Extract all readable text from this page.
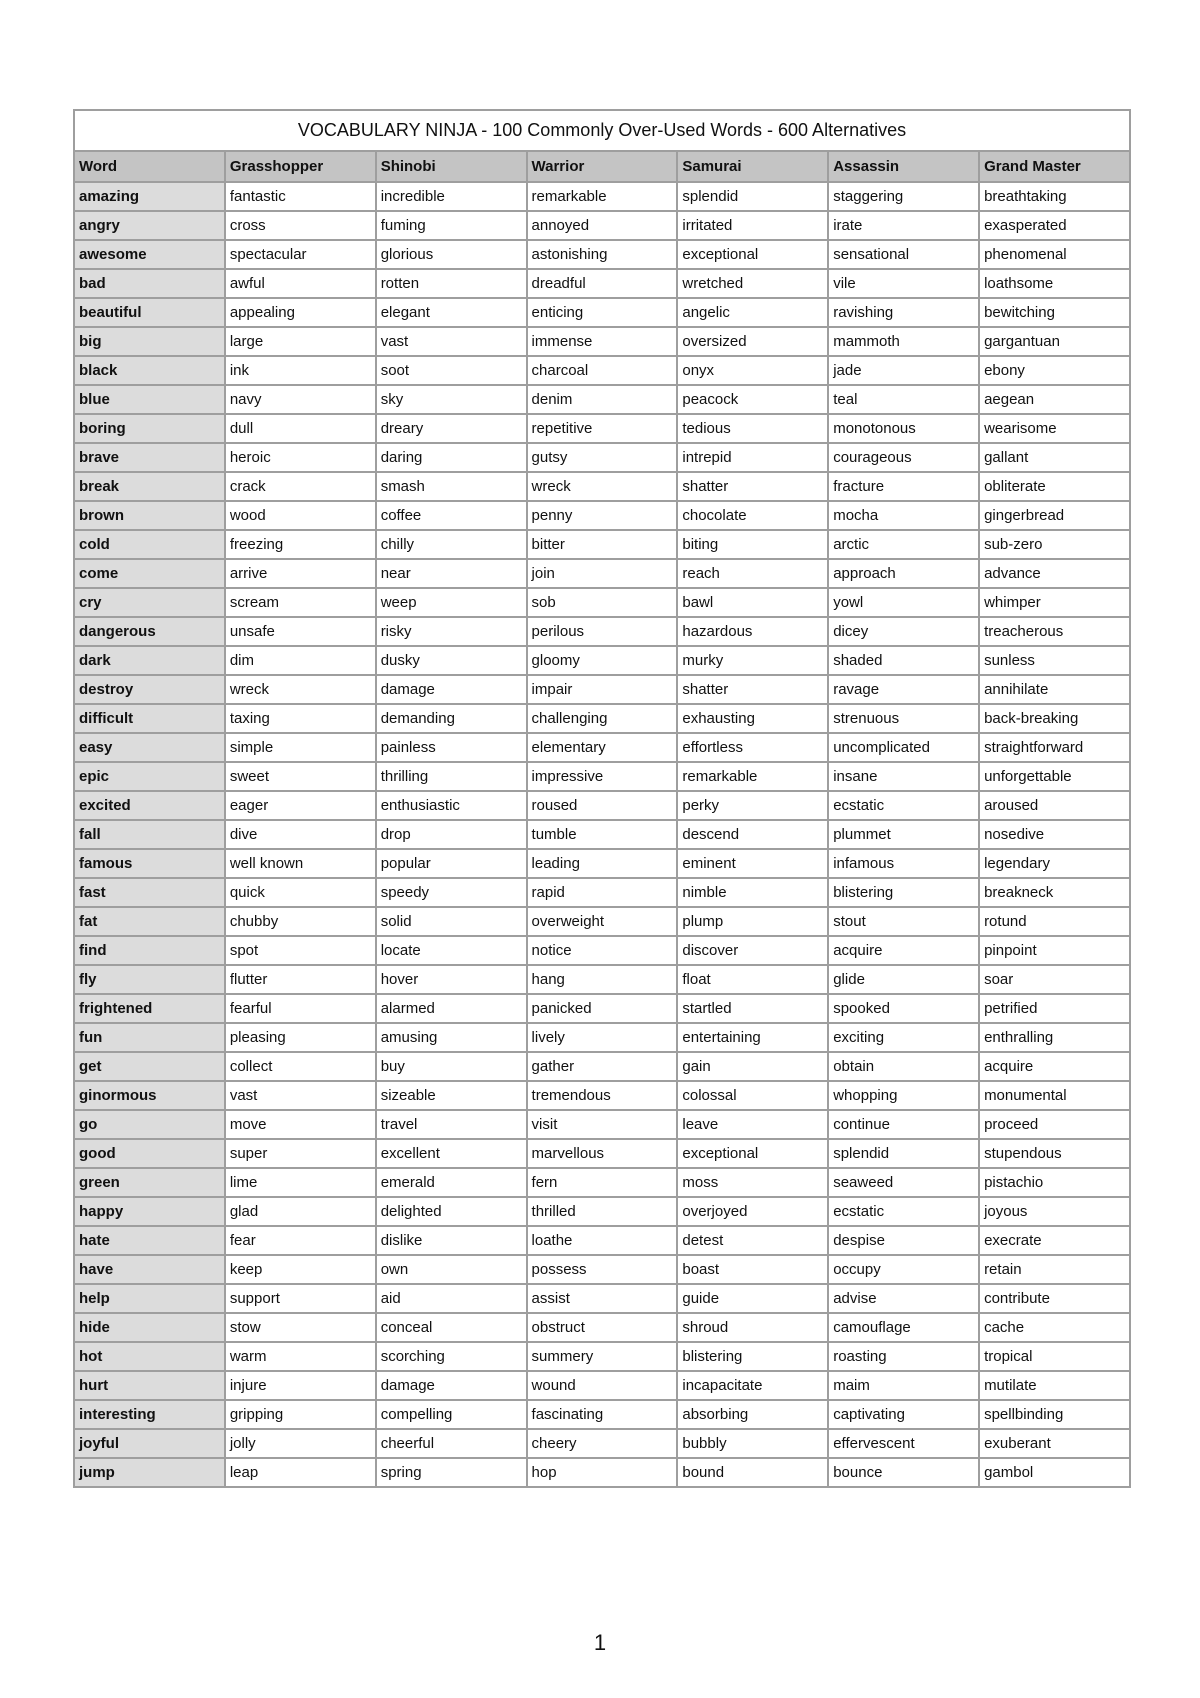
VOCABULARY NINJA - 100 Commonly Over-Used Words - 600 Alternatives						
Word	Grasshopper	Shinobi	Warrior	Samurai	Assassin	Grand Master
amazing	fantastic	incredible	remarkable	splendid	staggering	breathtaking
angry	cross	fuming	annoyed	irritated	irate	exasperated
awesome	spectacular	glorious	astonishing	exceptional	sensational	phenomenal
bad	awful	rotten	dreadful	wretched	vile	loathsome
beautiful	appealing	elegant	enticing	angelic	ravishing	bewitching
big	large	vast	immense	oversized	mammoth	gargantuan
black	ink	soot	charcoal	onyx	jade	ebony
blue	navy	sky	denim	peacock	teal	aegean
boring	dull	dreary	repetitive	tedious	monotonous	wearisome
brave	heroic	daring	gutsy	intrepid	courageous	gallant
break	crack	smash	wreck	shatter	fracture	obliterate
brown	wood	coffee	penny	chocolate	mocha	gingerbread
cold	freezing	chilly	bitter	biting	arctic	sub-zero
come	arrive	near	join	reach	approach	advance
cry	scream	weep	sob	bawl	yowl	whimper
dangerous	unsafe	risky	perilous	hazardous	dicey	treacherous
dark	dim	dusky	gloomy	murky	shaded	sunless
destroy	wreck	damage	impair	shatter	ravage	annihilate
difficult	taxing	demanding	challenging	exhausting	strenuous	back-breaking
easy	simple	painless	elementary	effortless	uncomplicated	straightforward
epic	sweet	thrilling	impressive	remarkable	insane	unforgettable
excited	eager	enthusiastic	roused	perky	ecstatic	aroused
fall	dive	drop	tumble	descend	plummet	nosedive
famous	well known	popular	leading	eminent	infamous	legendary
fast	quick	speedy	rapid	nimble	blistering	breakneck
fat	chubby	solid	overweight	plump	stout	rotund
find	spot	locate	notice	discover	acquire	pinpoint
fly	flutter	hover	hang	float	glide	soar
frightened	fearful	alarmed	panicked	startled	spooked	petrified
fun	pleasing	amusing	lively	entertaining	exciting	enthralling
get	collect	buy	gather	gain	obtain	acquire
ginormous	vast	sizeable	tremendous	colossal	whopping	monumental
go	move	travel	visit	leave	continue	proceed
good	super	excellent	marvellous	exceptional	splendid	stupendous
green	lime	emerald	fern	moss	seaweed	pistachio
happy	glad	delighted	thrilled	overjoyed	ecstatic	joyous
hate	fear	dislike	loathe	detest	despise	execrate
have	keep	own	possess	boast	occupy	retain
help	support	aid	assist	guide	advise	contribute
hide	stow	conceal	obstruct	shroud	camouflage	cache
hot	warm	scorching	summery	blistering	roasting	tropical
hurt	injure	damage	wound	incapacitate	maim	mutilate
interesting	gripping	compelling	fascinating	absorbing	captivating	spellbinding
joyful	jolly	cheerful	cheery	bubbly	effervescent	exuberant
jump	leap	spring	hop	bound	bounce	gambol
1
